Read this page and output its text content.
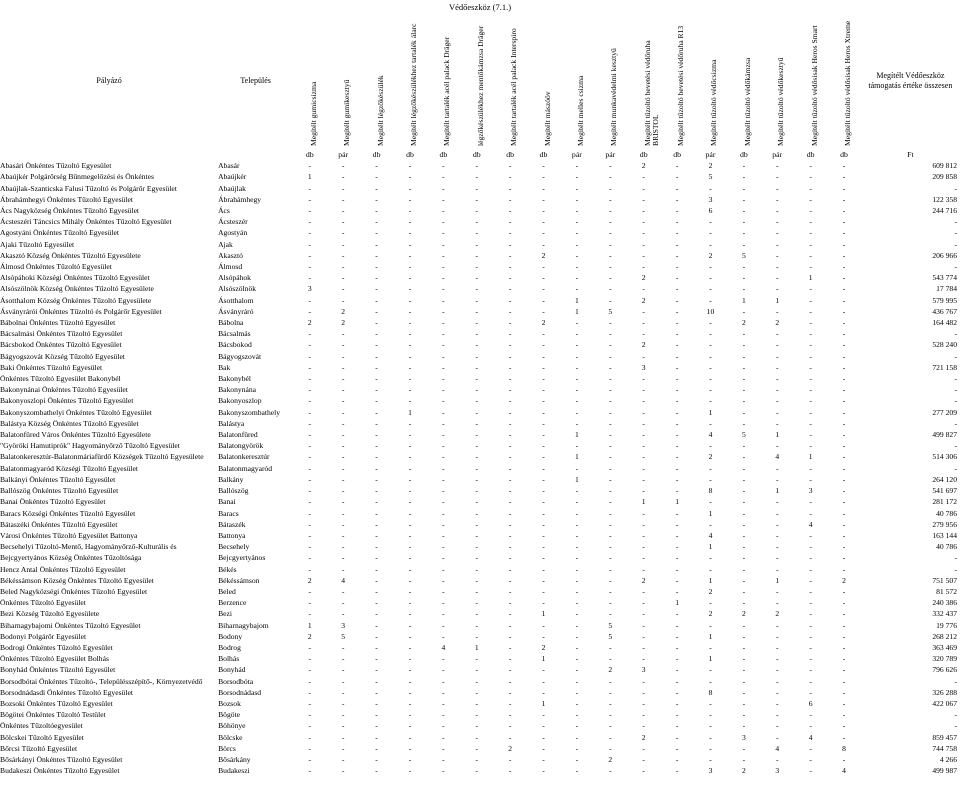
Védőeszköz (7.1.)
Pályázó	Település	Megítélt gumicsizma	Megítélt gumikesztyű	Megítélt légzőkészülék	Megítélt légzőkészülékhez tartalék álarc	Megítélt tartalék acél palack Dräger	légzőkészülékhez mentőkámzsa Dräger	Megítélt tartalék acél palack Interspiro	Megítélt mászóöv	Megítélt melles csizma	Megítélt munkavédelmi kesztyű	Megítélt tűzoltó bevetési védőruha BRISTOL	Megítélt tűzoltó bevetési védőruha R13	Megítélt tűzoltó védőcsizma	Megítélt tűzoltó védőkámzsa	Megítélt tűzoltó védőkesztyű	Megítélt tűzoltó védősisak Heros Smart	Megítélt tűzoltó védősisak Heros Xtreme	Megítélt Védőeszköz támogatás értéke összesen
		db	pár	db	db	db	db	db	db	pár	pár	db	db	pár	db	pár	db	db	Ft
Abasári Önkéntes Tűzoltó Egyesület	Abasár	-	-	-	-	-	-	-	-	-	-	2	-	2	-	-	-	-	609 812
Abaújkér Polgárőrség Bűnmegelőzési és Önkéntes	Abaújkér	1	-	-	-	-	-	-	-	-	-	-	-	5	-	-	-	-	209 858
Abaújlak-Szanticska Falusi Tűzoltó és Polgárőr Egyesület	Abaújlak	-	-	-	-	-	-	-	-	-	-	-	-	-	-	-	-	-	-
Ábrahámhegyi Önkéntes Tűzoltó Egyesület	Ábrahámhegy	-	-	-	-	-	-	-	-	-	-	-	-	3	-	-	-	-	122 358
Ács Nagyközség Önkéntes Tűzoltó Egyesület	Ács	-	-	-	-	-	-	-	-	-	-	-	-	6	-	-	-	-	244 716
Ácsteszéri Táncsics Mihály Önkéntes Tűzoltó Egyesület	Ácsteszér	-	-	-	-	-	-	-	-	-	-	-	-	-	-	-	-	-	-
Agostyáni Önkéntes Tűzoltó Egyesület	Agostyán	-	-	-	-	-	-	-	-	-	-	-	-	-	-	-	-	-	-
Ajaki Tűzoltó Egyesület	Ajak	-	-	-	-	-	-	-	-	-	-	-	-	-	-	-	-	-	-
Akasztó Község Önkéntes Tűzoltó Egyesülete	Akasztó	-	-	-	-	-	-	-	2	-	-	-	-	2	5	-	-	-	206 966
Álmosd Önkéntes Tűzoltó Egyesület	Álmosd	-	-	-	-	-	-	-	-	-	-	-	-	-	-	-	-	-	-
Alsópáhoki Községi Önkéntes Tűzoltó Egyesület	Alsópáhok	-	-	-	-	-	-	-	-	-	-	2	-	-	-	-	1	-	543 774
Alsószölnök Község Önkéntes Tűzoltó Egyesülete	Alsószölnök	3	-	-	-	-	-	-	-	-	-	-	-	-	-	-	-	-	17 784
Ásotthalom Község Önkéntes Tűzoltó Egyesülete	Ásotthalom	-	-	-	-	-	-	-	-	1	-	2	-	-	1	1	-	-	579 995
Ásványrárói Önkéntes Tűzoltó és Polgárőr Egyesület	Ásványráró	-	2	-	-	-	-	-	-	1	5	-	-	10	-	-	-	-	436 767
Bábolnai Önkéntes Tűzoltó Egyesület	Bábolna	2	2	-	-	-	-	-	2	-	-	-	-	-	2	2	-	-	164 482
Bácsalmási Önkéntes Tűzoltó Egyesület	Bácsalmás	-	-	-	-	-	-	-	-	-	-	-	-	-	-	-	-	-	-
Bácsbokod Önkéntes Tűzoltó Egyesület	Bácsbokod	-	-	-	-	-	-	-	-	-	-	2	-	-	-	-	-	-	528 240
Bágyogszovát Község Tűzoltó Egyesület	Bágyogszovát	-	-	-	-	-	-	-	-	-	-	-	-	-	-	-	-	-	-
Baki Önkéntes Tűzoltó Egyesület	Bak	-	-	-	-	-	-	-	-	-	-	3	-	-	-	-	-	-	721 158
Önkéntes Tűzoltó Egyesület Bakonybél	Bakonybél	-	-	-	-	-	-	-	-	-	-	-	-	-	-	-	-	-	-
Bakonynánai Önkéntes Tűzoltó Egyesület	Bakonynána	-	-	-	-	-	-	-	-	-	-	-	-	-	-	-	-	-	-
Bakonyoszlopi Önkéntes Tűzoltó Egyesület	Bakonyoszlop	-	-	-	-	-	-	-	-	-	-	-	-	-	-	-	-	-	-
Bakonyszombathelyi Önkéntes Tűzoltó Egyesület	Bakonyszombathely	-	-	-	1	-	-	-	-	-	-	-	-	1	-	-	-	-	277 209
Balástya Község Önkéntes Tűzoltó Egyesület	Balástya	-	-	-	-	-	-	-	-	-	-	-	-	-	-	-	-	-	-
Balatonfüred Város Önkéntes Tűzoltó Egyesülete	Balatonfüred	-	-	-	-	-	-	-	-	1	-	-	-	4	5	1	-	-	499 827
"Györöki Hamutiprók" Hagyományőrző Tűzoltó Egyesület	Balatongyörök	-	-	-	-	-	-	-	-	-	-	-	-	-	-	-	-	-	-
Balatonkeresztúr-Balatonmáriafürdő Községek Tűzoltó Egyesülete	Balatonkeresztúr	-	-	-	-	-	-	-	-	1	-	-	-	2	-	4	1	-	514 306
Balatonmagyaród Községi Tűzoltó Egyesület	Balatonmagyaród	-	-	-	-	-	-	-	-	-	-	-	-	-	-	-	-	-	-
Balkányi Önkéntes Tűzoltó Egyesület	Balkány	-	-	-	-	-	-	-	-	1	-	-	-	-	-	-	-	-	264 120
Ballószög Önkéntes Tűzoltó Egyesület	Ballószög	-	-	-	-	-	-	-	-	-	-	-	-	8	-	1	3	-	541 697
Banai Önkéntes Tűzoltó Egyesület	Banai	-	-	-	-	-	-	-	-	-	-	1	1	-	-	-	-	-	281 172
Baracs Községi Önkéntes Tűzoltó Egyesület	Baracs	-	-	-	-	-	-	-	-	-	-	-	-	1	-	-	-	-	40 786
Bátaszéki Önkéntes Tűzoltó Egyesület	Bátaszék	-	-	-	-	-	-	-	-	-	-	-	-	-	-	-	4	-	279 956
Városi Önkéntes Tűzoltó Egyesület Battonya	Battonya	-	-	-	-	-	-	-	-	-	-	-	-	4	-	-	-	-	163 144
Becsehelyi Tűzoltó-Mentő, Hagyományőrző-Kulturális és	Becsehely	-	-	-	-	-	-	-	-	-	-	-	-	1	-	-	-	-	40 786
Bejcgyertyános Község Önkéntes Tűzoltósága	Bejcgyertyános	-	-	-	-	-	-	-	-	-	-	-	-	-	-	-	-	-	-
Hencz Antal Önkéntes Tűzoltó Egyesület	Békés	-	-	-	-	-	-	-	-	-	-	-	-	-	-	-	-	-	-
Békéssámson Község Önkéntes Tűzoltó Egyesület	Békéssámson	2	4	-	-	-	-	-	-	-	-	2	-	1	-	1	-	2	751 507
Beled Nagyközségi Önkéntes Tűzoltó Egyesület	Beled	-	-	-	-	-	-	-	-	-	-	-	-	2	-	-	-	-	81 572
Önkéntes Tűzoltó Egyesület	Berzence	-	-	-	-	-	-	-	-	-	-	-	1	-	-	-	-	-	240 386
Bezi Község Tűzoltó Egyesülete	Bezi	-	-	-	-	-	-	-	1	-	-	-	-	2	2	2	-	-	332 437
Biharnagybajomi Önkéntes Tűzoltó Egyesület	Biharnagybajom	1	3	-	-	-	-	-	-	-	5	-	-	-	-	-	-	-	19 776
Bodonyi Polgárőr Egyesület	Bodony	2	5	-	-	-	-	-	-	-	5	-	-	1	-	-	-	-	268 212
Bodrogi Önkéntes Tűzoltó Egyesület	Bodrog	-	-	-	-	4	1	-	2	-	-	-	-	-	-	-	-	-	363 469
Önkéntes Tűzoltó Egyesület Bolhás	Bolhás	-	-	-	-	-	-	-	1	-	-	-	-	1	-	-	-	-	320 789
Bonyhád Önkéntes Tűzoltó Egyesület	Bonyhád	-	-	-	-	-	-	-	-	-	2	3	-	-	-	-	-	-	796 626
Borsodbótai Önkéntes Tűzoltó-, Településszépítő-, Környezetvédő	Borsodbóta	-	-	-	-	-	-	-	-	-	-	-	-	-	-	-	-	-	-
Borsodnádasdi Önkéntes Tűzoltó Egyesület	Borsodnádasd	-	-	-	-	-	-	-	-	-	-	-	-	8	-	-	-	-	326 288
Bozsoki Önkéntes Tűzoltó Egyesület	Bozsok	-	-	-	-	-	-	-	1	-	-	-	-	-	-	-	6	-	422 067
Bögötei Önkéntes Tűzoltó Testület	Bögöte	-	-	-	-	-	-	-	-	-	-	-	-	-	-	-	-	-	-
Önkéntes Tűzoltóegyesület	Böhönye	-	-	-	-	-	-	-	-	-	-	-	-	-	-	-	-	-	-
Bölcskei Tűzoltó Egyesület	Bölcske	-	-	-	-	-	-	-	-	-	-	2	-	-	3	-	4	-	859 457
Bőrcsi Tűzoltó Egyesület	Börcs	-	-	-	-	-	-	2	-	-	-	-	-	-	-	4	-	8	744 758
Bősárkányi Önkéntes Tűzoltó Egyesület	Bősárkány	-	-	-	-	-	-	-	-	-	2	-	-	-	-	-	-	-	4 266
Budakeszi Önkéntes Tűzoltó Egyesület	Budakeszi	-	-	-	-	-	-	-	-	-	-	-	-	3	2	3	-	4	499 987
